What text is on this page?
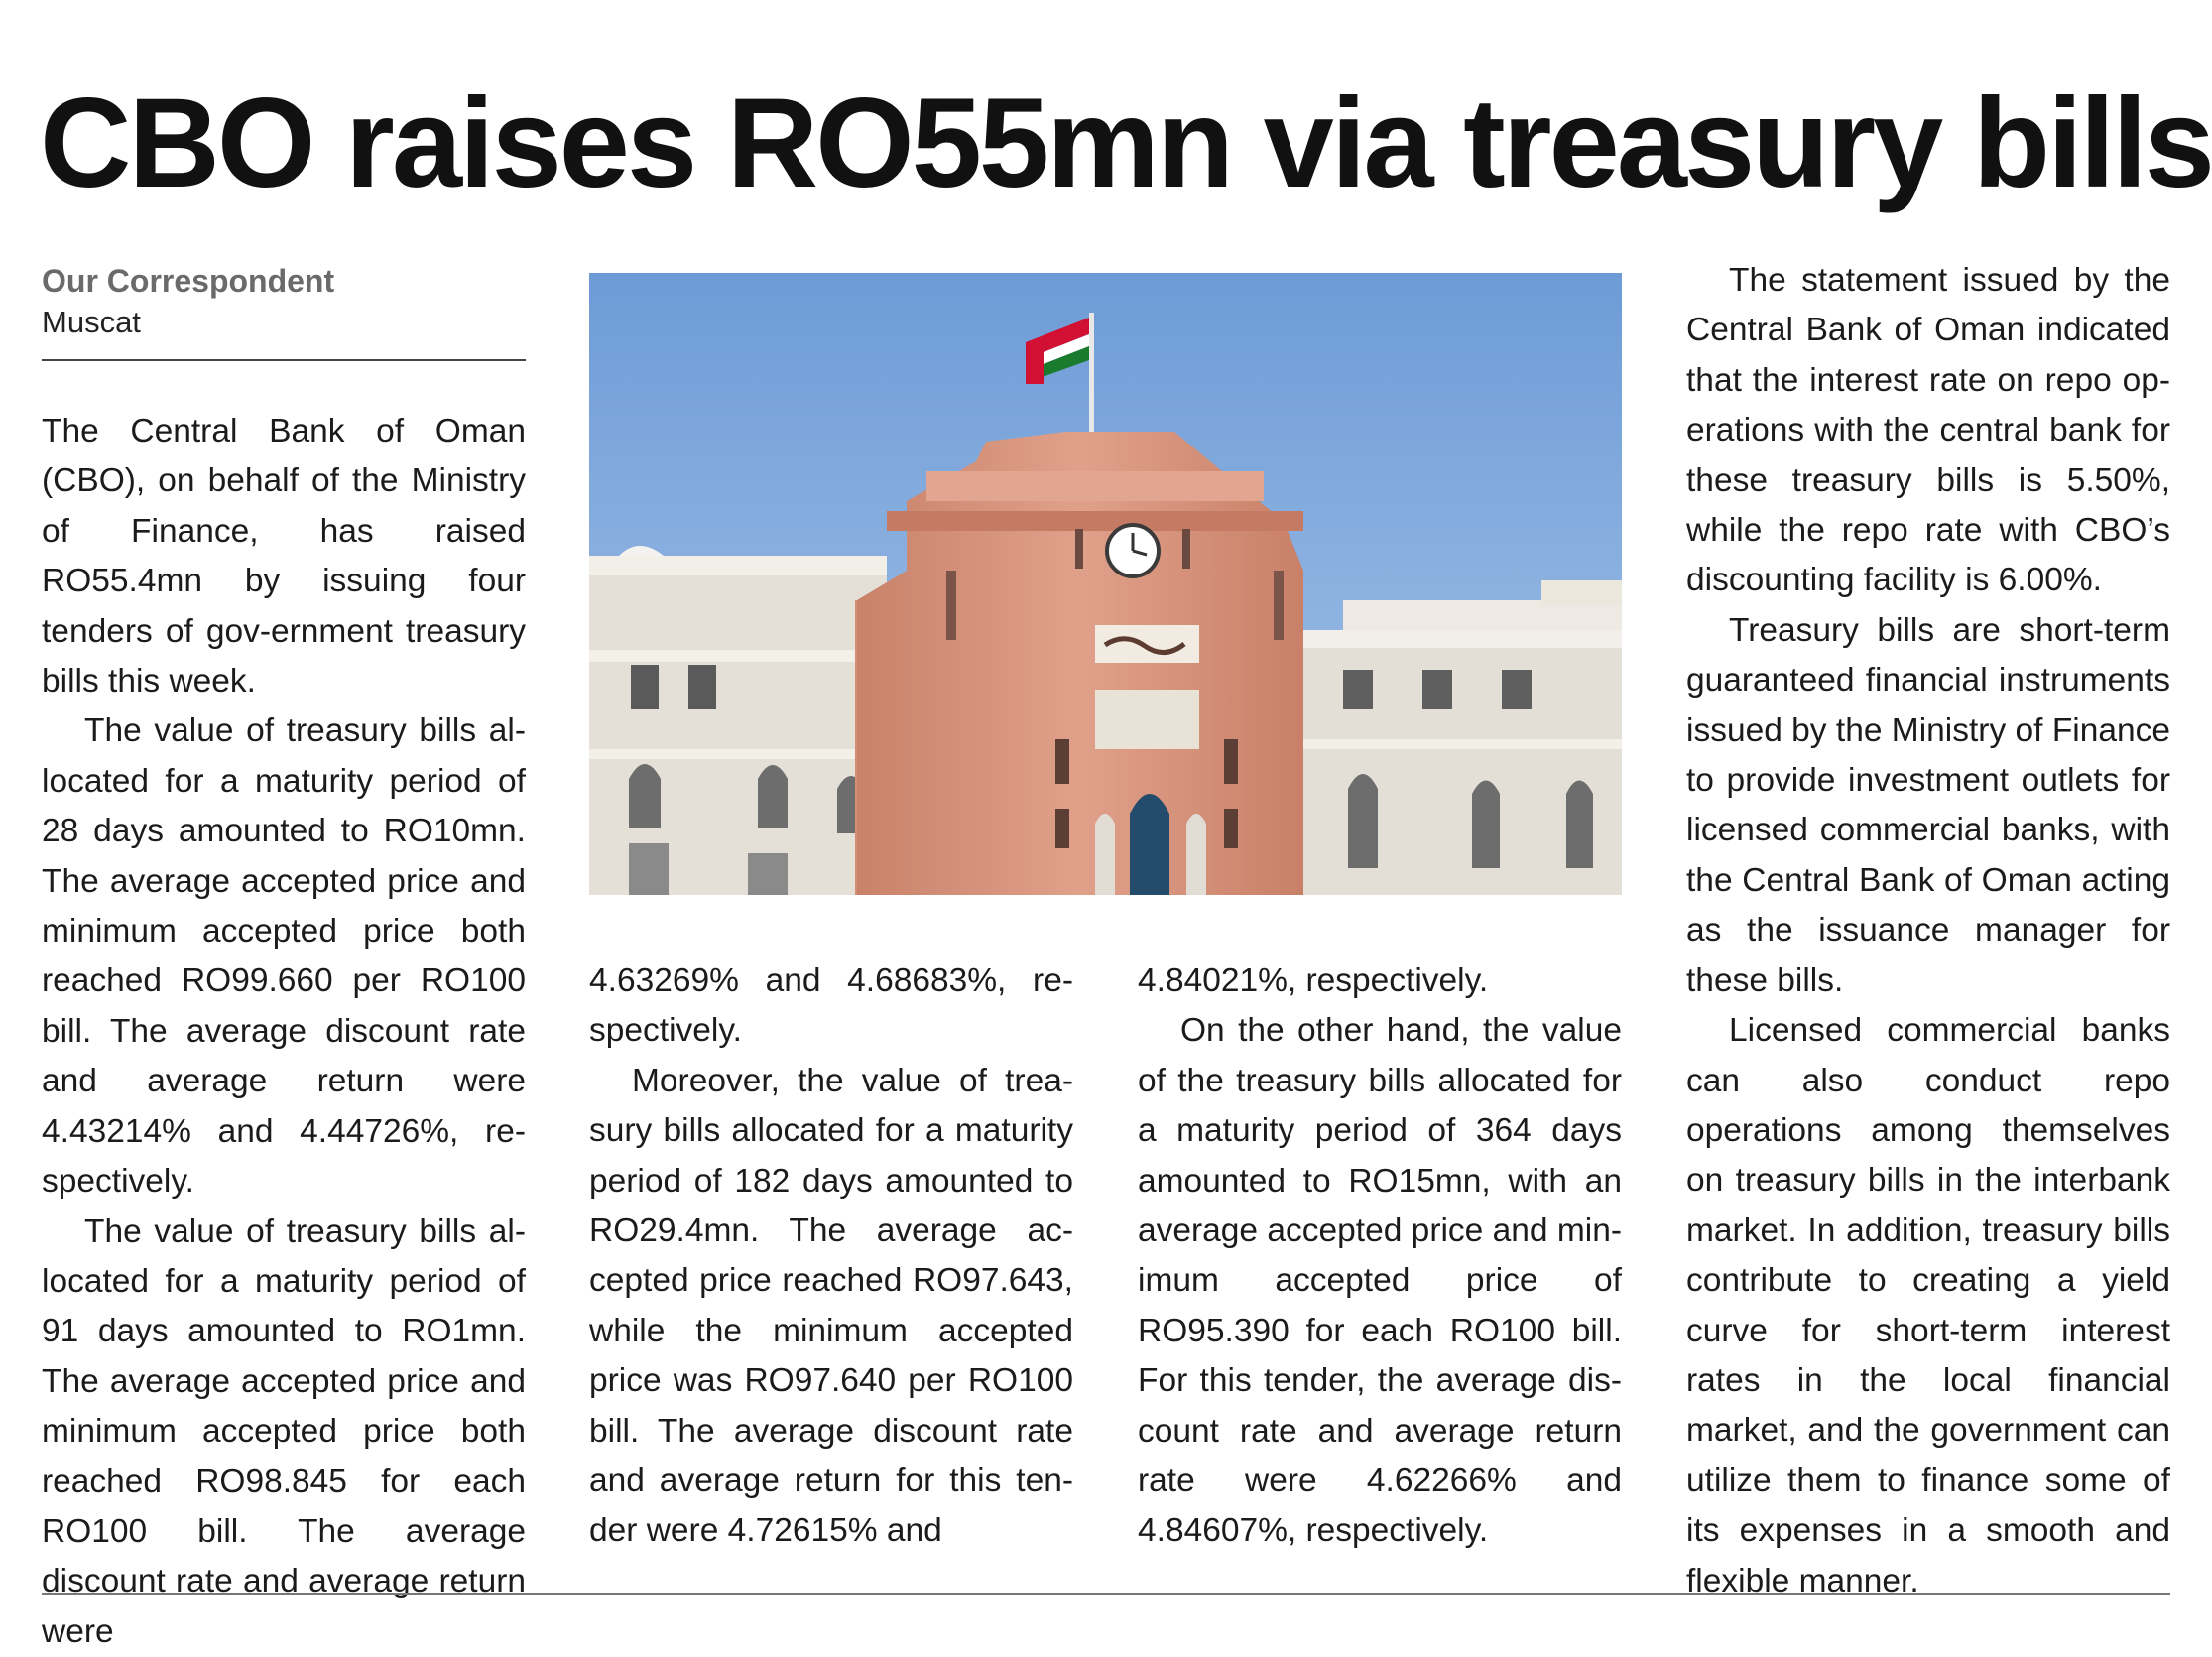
CBO raises RO55mn via treasury bills
Our Correspondent
Muscat

The Central Bank of Oman (CBO), on behalf of the Ministry of Finance, has raised RO55.4mn by issuing four tenders of gov-ernment treasury bills this week.

The value of treasury bills al-located for a maturity period of 28 days amounted to RO10mn. The average accepted price and minimum accepted price both reached RO99.660 per RO100 bill. The average discount rate and average return were 4.43214% and 4.44726%, re-spectively.

The value of treasury bills al-located for a maturity period of 91 days amounted to RO1mn. The average accepted price and minimum accepted price both reached RO98.845 for each RO100 bill. The average discount rate and average return were

4.63269% and 4.68683%, re-spectively.

Moreover, the value of trea-sury bills allocated for a maturity period of 182 days amounted to RO29.4mn. The average ac-cepted price reached RO97.643, while the minimum accepted price was RO97.640 per RO100 bill. The average discount rate and average return for this ten-der were 4.72615% and

4.84021%, respectively.

On the other hand, the value of the treasury bills allocated for a maturity period of 364 days amounted to RO15mn, with an average accepted price and min-imum accepted price of RO95.390 for each RO100 bill. For this tender, the average dis-count rate and average return rate were 4.62266% and 4.84607%, respectively.

The statement issued by the Central Bank of Oman indicated that the interest rate on repo op-erations with the central bank for these treasury bills is 5.50%, while the repo rate with CBO’s discounting facility is 6.00%.

Treasury bills are short-term guaranteed financial instruments issued by the Ministry of Finance to provide investment outlets for licensed commercial banks, with the Central Bank of Oman acting as the issuance manager for these bills.

Licensed commercial banks can also conduct repo operations among themselves on treasury bills in the interbank market. In addition, treasury bills contribute to creating a yield curve for short-term interest rates in the local financial market, and the government can utilize them to finance some of its expenses in a smooth and flexible manner.
